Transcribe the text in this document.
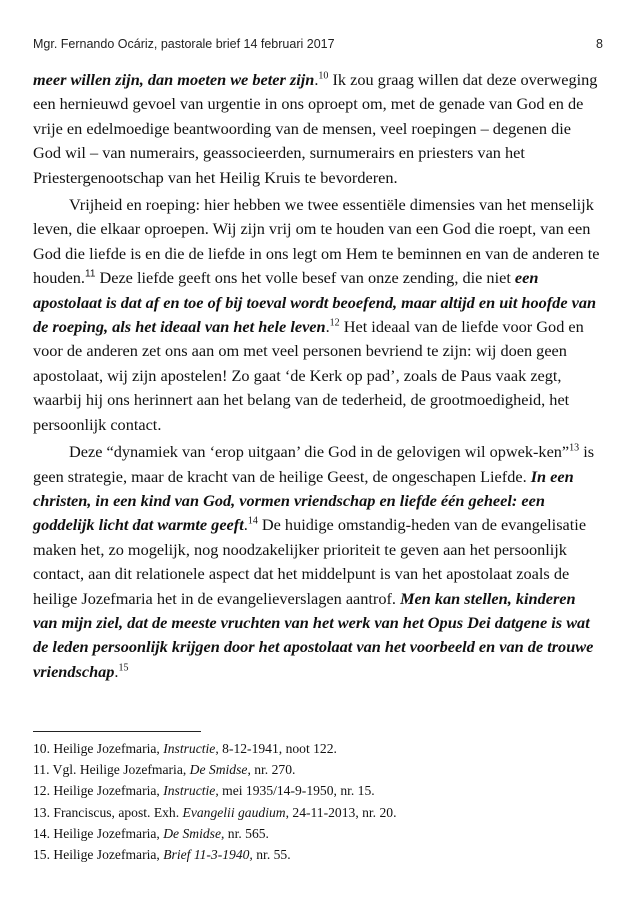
Mgr. Fernando Ocáriz, pastorale brief 14 februari 2017	8

meer willen zijn, dan moeten we beter zijn.$^{10}$ Ik zou graag willen dat deze overweging een hernieuwd gevoel van urgentie in ons oproept om, met de genade van God en de vrije en edelmoedige beantwoording van de mensen, veel roepingen – degenen die God wil – van numerairs, geassocieerden, surnumerairs en priesters van het Priestergenootschap van het Heilig Kruis te bevorderen.

Vrijheid en roeping: hier hebben we twee essentiële dimensies van het menselijk leven, die elkaar oproepen. Wij zijn vrij om te houden van een God die roept, van een God die liefde is en die de liefde in ons legt om Hem te beminnen en van de anderen te houden.$^{11}$ Deze liefde geeft ons het volle besef van onze zending, die niet een apostolaat is dat af en toe of bij toeval wordt beoefend, maar altijd en uit hoofde van de roeping, als het ideaal van het hele leven.$^{12}$ Het ideaal van de liefde voor God en voor de anderen zet ons aan om met veel personen bevriend te zijn: wij doen geen apostolaat, wij zijn apostelen! Zo gaat ‘de Kerk op pad’, zoals de Paus vaak zegt, waarbij hij ons herinnert aan het belang van de tederheid, de grootmoedigheid, het persoonlijk contact.

Deze “dynamiek van ‘erop uitgaan’ die God in de gelovigen wil opwek-ken”$^{13}$ is geen strategie, maar de kracht van de heilige Geest, de ongeschapen Liefde. In een christen, in een kind van God, vormen vriendschap en liefde één geheel: een goddelijk licht dat warmte geeft.$^{14}$ De huidige omstandig-heden van de evangelisatie maken het, zo mogelijk, nog noodzakelijker prioriteit te geven aan het persoonlijk contact, aan dit relationele aspect dat het middelpunt is van het apostolaat zoals de heilige Jozefmaria het in de evangelieverslagen aantrof. Men kan stellen, kinderen van mijn ziel, dat de meeste vruchten van het werk van het Opus Dei datgene is wat de leden persoonlijk krijgen door het apostolaat van het voorbeeld en van de trouwe vriendschap.$^{15}$

10. Heilige Jozefmaria, Instructie, 8-12-1941, noot 122.

11. Vgl. Heilige Jozefmaria, De Smidse, nr. 270.

12. Heilige Jozefmaria, Instructie, mei 1935/14-9-1950, nr. 15.

13. Franciscus, apost. Exh. Evangelii gaudium, 24-11-2013, nr. 20.

14. Heilige Jozefmaria, De Smidse, nr. 565.

15. Heilige Jozefmaria, Brief 11-3-1940, nr. 55.
